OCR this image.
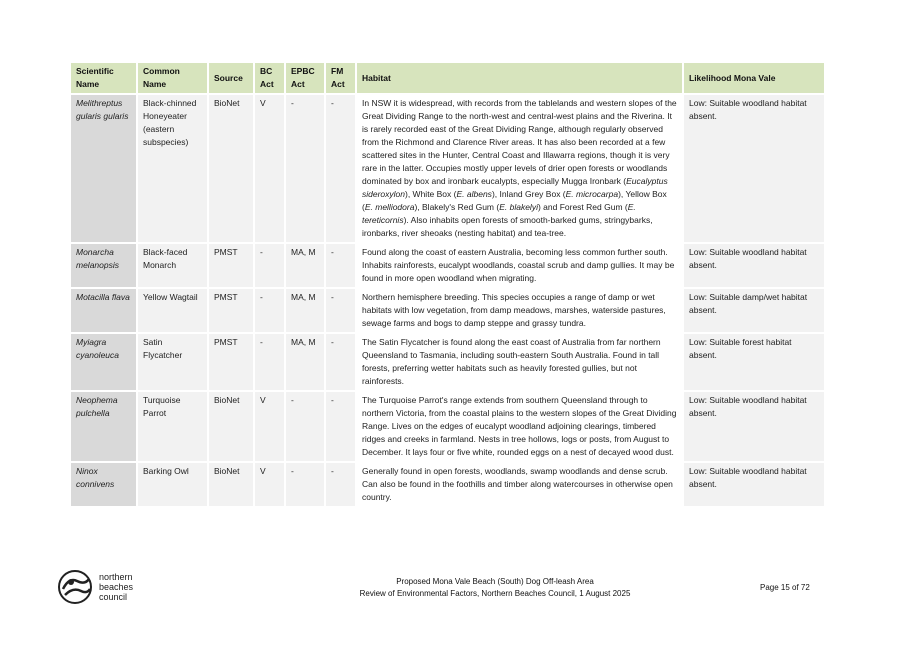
Scientific Name	Common Name	Source	BC Act	EPBC Act	FM Act	Habitat	Likelihood Mona Vale
Melithreptus gularis gularis	Black-chinned Honeyeater (eastern subspecies)	BioNet	V	-	-	In NSW it is widespread, with records from the tablelands and western slopes of the Great Dividing Range to the north-west and central-west plains and the Riverina. It is rarely recorded east of the Great Dividing Range, although regularly observed from the Richmond and Clarence River areas. It has also been recorded at a few scattered sites in the Hunter, Central Coast and Illawarra regions, though it is very rare in the latter. Occupies mostly upper levels of drier open forests or woodlands dominated by box and ironbark eucalypts, especially Mugga Ironbark (Eucalyptus sideroxylon), White Box (E. albens), Inland Grey Box (E. microcarpa), Yellow Box (E. melliodora), Blakely's Red Gum (E. blakelyi) and Forest Red Gum (E. tereticornis). Also inhabits open forests of smooth-barked gums, stringybarks, ironbarks, river sheoaks (nesting habitat) and tea-tree.	Low: Suitable woodland habitat absent.
Monarcha melanopsis	Black-faced Monarch	PMST	-	MA, M	-	Found along the coast of eastern Australia, becoming less common further south. Inhabits rainforests, eucalypt woodlands, coastal scrub and damp gullies. It may be found in more open woodland when migrating.	Low: Suitable woodland habitat absent.
Motacilla flava	Yellow Wagtail	PMST	-	MA, M	-	Northern hemisphere breeding. This species occupies a range of damp or wet habitats with low vegetation, from damp meadows, marshes, waterside pastures, sewage farms and bogs to damp steppe and grassy tundra.	Low: Suitable damp/wet habitat absent.
Myiagra cyanoleuca	Satin Flycatcher	PMST	-	MA, M	-	The Satin Flycatcher is found along the east coast of Australia from far northern Queensland to Tasmania, including south-eastern South Australia. Found in tall forests, preferring wetter habitats such as heavily forested gullies, but not rainforests.	Low: Suitable forest habitat absent.
Neophema pulchella	Turquoise Parrot	BioNet	V	-	-	The Turquoise Parrot's range extends from southern Queensland through to northern Victoria, from the coastal plains to the western slopes of the Great Dividing Range. Lives on the edges of eucalypt woodland adjoining clearings, timbered ridges and creeks in farmland. Nests in tree hollows, logs or posts, from August to December. It lays four or five white, rounded eggs on a nest of decayed wood dust.	Low: Suitable woodland habitat absent.
Ninox connivens	Barking Owl	BioNet	V	-	-	Generally found in open forests, woodlands, swamp woodlands and dense scrub. Can also be found in the foothills and timber along watercourses in otherwise open country.	Low: Suitable woodland habitat absent.
northern
beaches
council
Proposed Mona Vale Beach (South) Dog Off-leash Area
Review of Environmental Factors, Northern Beaches Council, 1 August 2025
Page 15 of 72
